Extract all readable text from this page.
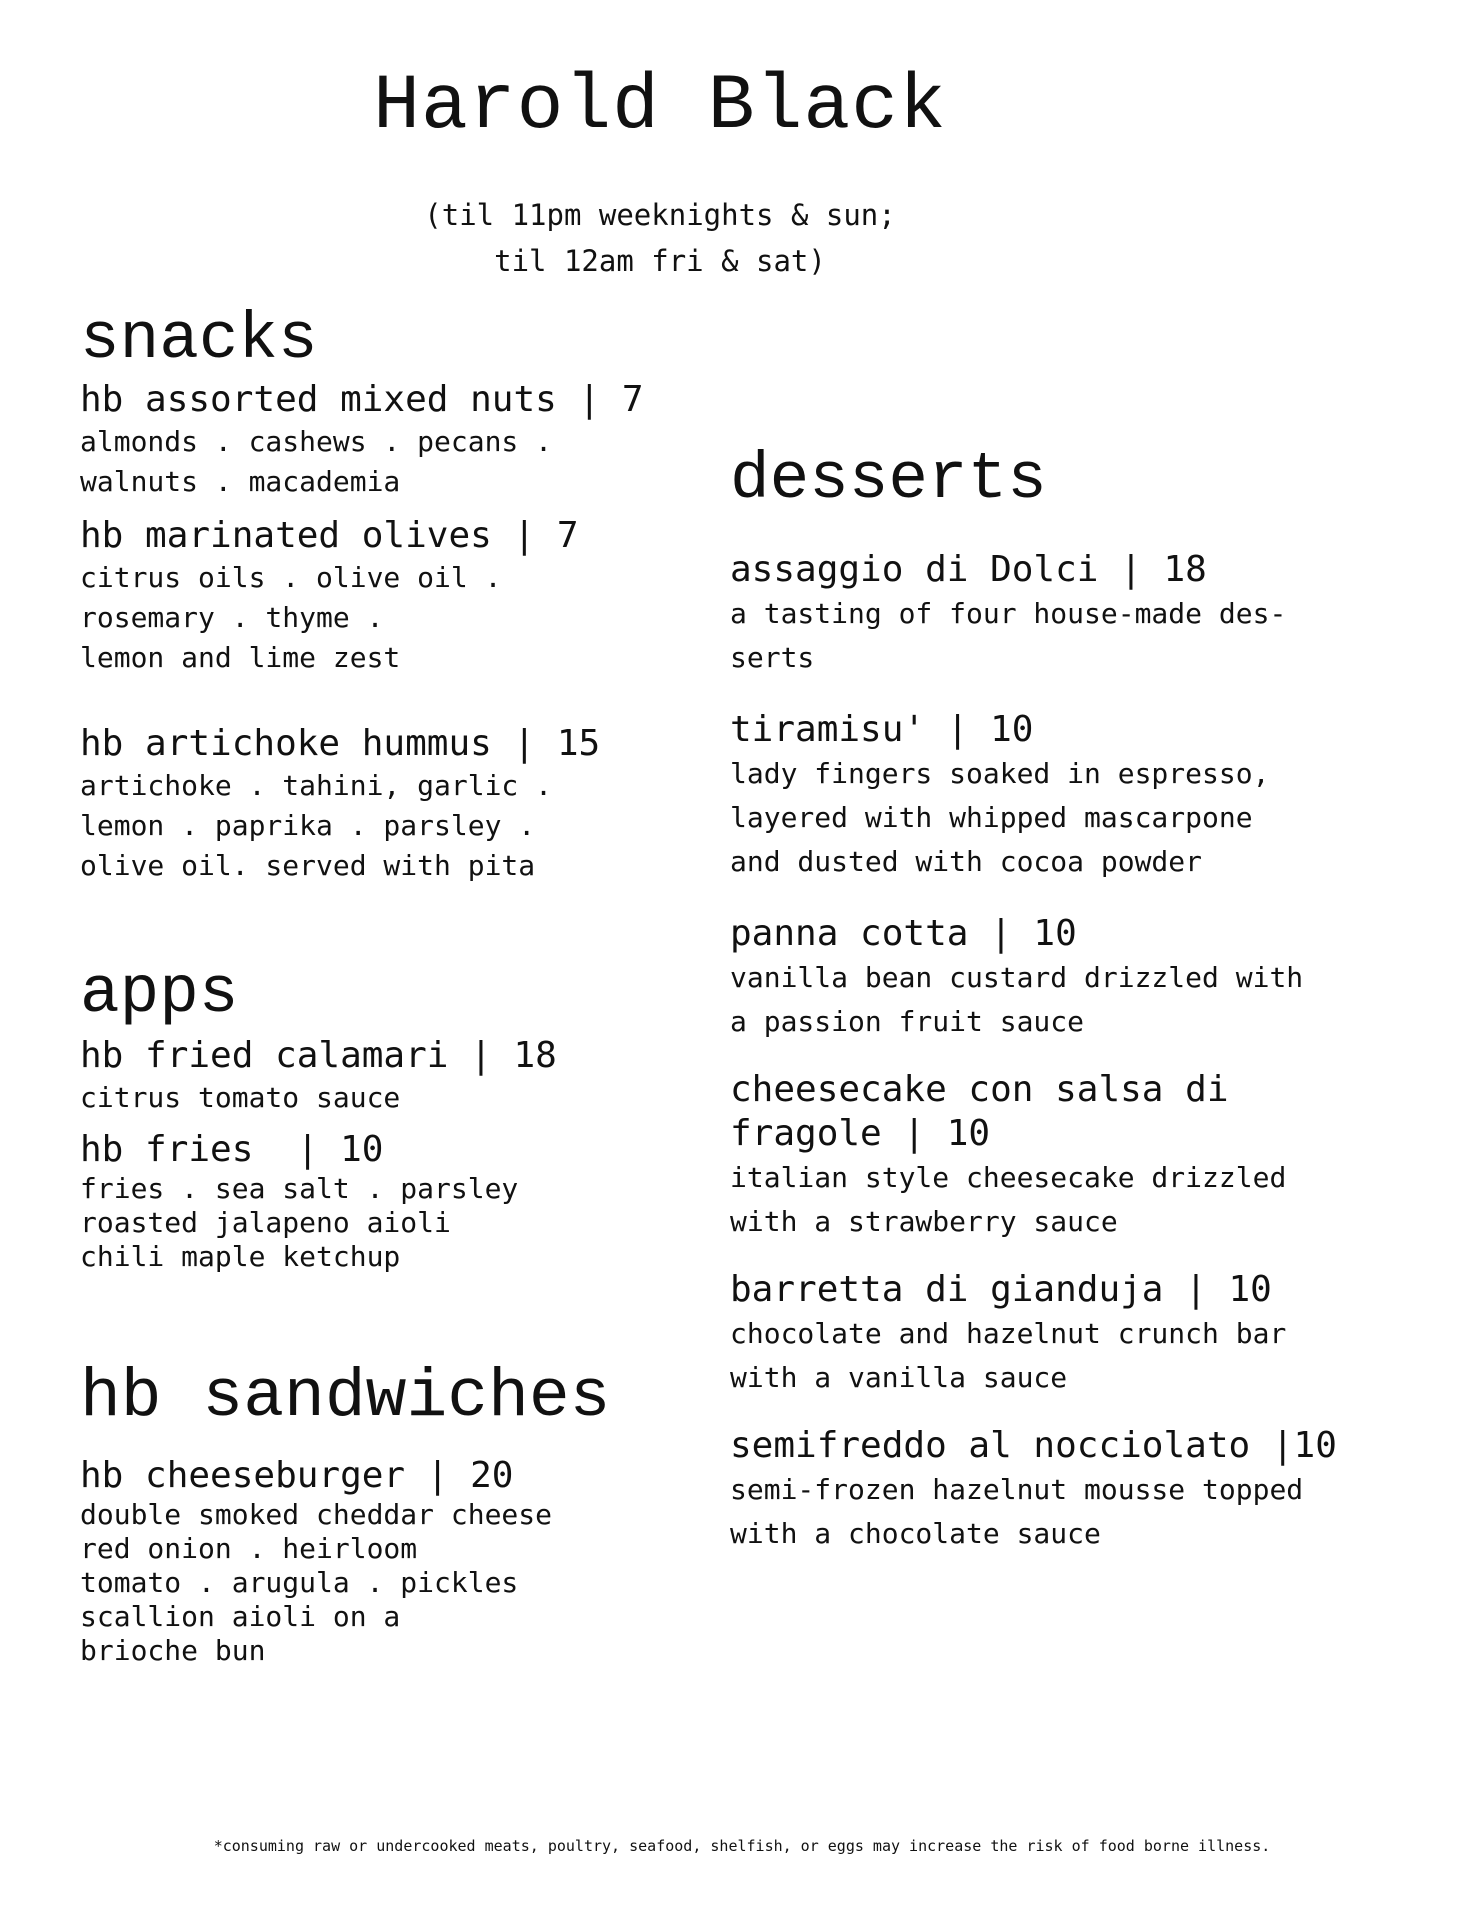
Harold Black
(til 11pm weeknights & sun;
til 12am fri & sat)
snacks
hb assorted mixed nuts | 7
almonds . cashews . pecans .
walnuts . macademia
hb marinated olives | 7
citrus oils . olive oil .
rosemary . thyme .
lemon and lime zest
hb artichoke hummus | 15
artichoke . tahini, garlic .
lemon . paprika . parsley .
olive oil. served with pita
apps
hb fried calamari | 18
citrus tomato sauce
hb fries  | 10
fries . sea salt . parsley
roasted jalapeno aioli
chili maple ketchup
hb sandwiches
hb cheeseburger | 20
double smoked cheddar cheese
red onion . heirloom
tomato . arugula . pickles
scallion aioli on a
brioche bun
desserts
assaggio di Dolci | 18
a tasting of four house-made des-
serts
tiramisu' | 10
lady fingers soaked in espresso,
layered with whipped mascarpone
and dusted with cocoa powder
panna cotta | 10
vanilla bean custard drizzled with
a passion fruit sauce
cheesecake con salsa di
fragole | 10
italian style cheesecake drizzled
with a strawberry sauce
barretta di gianduja | 10
chocolate and hazelnut crunch bar
with a vanilla sauce
semifreddo al nocciolato |10
semi-frozen hazelnut mousse topped
with a chocolate sauce
*consuming raw or undercooked meats, poultry, seafood, shelfish, or eggs may increase the risk of food borne illness.
